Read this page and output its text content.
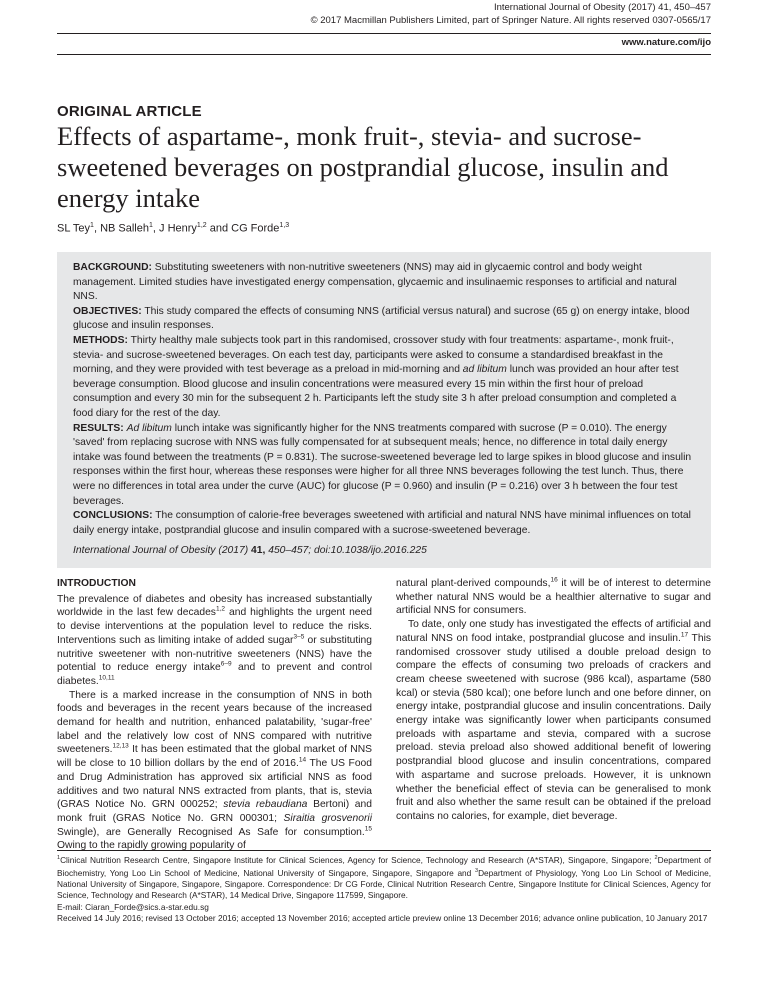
International Journal of Obesity (2017) 41, 450–457
© 2017 Macmillan Publishers Limited, part of Springer Nature. All rights reserved 0307-0565/17
www.nature.com/ijo
ORIGINAL ARTICLE
Effects of aspartame-, monk fruit-, stevia- and sucrose-sweetened beverages on postprandial glucose, insulin and energy intake
SL Tey$^1$, NB Salleh$^1$, J Henry$^{1,2}$ and CG Forde$^{1,3}$

BACKGROUND: Substituting sweeteners with non-nutritive sweeteners (NNS) may aid in glycaemic control and body weight management. Limited studies have investigated energy compensation, glycaemic and insulinaemic responses to artificial and natural NNS.

OBJECTIVES: This study compared the effects of consuming NNS (artificial versus natural) and sucrose (65 g) on energy intake, blood glucose and insulin responses.

METHODS: Thirty healthy male subjects took part in this randomised, crossover study with four treatments: aspartame-, monk fruit-, stevia- and sucrose-sweetened beverages. On each test day, participants were asked to consume a standardised breakfast in the morning, and they were provided with test beverage as a preload in mid-morning and ad libitum lunch was provided an hour after test beverage consumption. Blood glucose and insulin concentrations were measured every 15 min within the first hour of preload consumption and every 30 min for the subsequent 2 h. Participants left the study site 3 h after preload consumption and completed a food diary for the rest of the day.

RESULTS: Ad libitum lunch intake was significantly higher for the NNS treatments compared with sucrose (P = 0.010). The energy 'saved' from replacing sucrose with NNS was fully compensated for at subsequent meals; hence, no difference in total daily energy intake was found between the treatments (P = 0.831). The sucrose-sweetened beverage led to large spikes in blood glucose and insulin responses within the first hour, whereas these responses were higher for all three NNS beverages following the test lunch. Thus, there were no differences in total area under the curve (AUC) for glucose (P = 0.960) and insulin (P = 0.216) over 3 h between the four test beverages.

CONCLUSIONS: The consumption of calorie-free beverages sweetened with artificial and natural NNS have minimal influences on total daily energy intake, postprandial glucose and insulin compared with a sucrose-sweetened beverage.

International Journal of Obesity (2017) 41, 450–457; doi:10.1038/ijo.2016.225

INTRODUCTION

The prevalence of diabetes and obesity has increased substantially worldwide in the last few decades$^{1,2}$ and highlights the urgent need to devise interventions at the population level to reduce the risks. Interventions such as limiting intake of added sugar$^{3-5}$ or substituting nutritive sweetener with non-nutritive sweeteners (NNS) have the potential to reduce energy intake$^{6-9}$ and to prevent and control diabetes.$^{10,11}$

There is a marked increase in the consumption of NNS in both foods and beverages in the recent years because of the increased demand for health and nutrition, enhanced palatability, 'sugar-free' label and the relatively low cost of NNS compared with nutritive sweeteners.$^{12,13}$ It has been estimated that the global market of NNS will be close to 10 billion dollars by the end of 2016.14 The US Food and Drug Administration has approved six artificial NNS as food additives and two natural NNS extracted from plants, that is, stevia (GRAS Notice No. GRN 000252; stevia rebaudiana Bertoni) and monk fruit (GRAS Notice No. GRN 000301; Siraitia grosvenorii Swingle), are Generally Recognised As Safe for consumption.$^{15}$ Owing to the rapidly growing popularity of

natural plant-derived compounds,$^{16}$ it will be of interest to determine whether natural NNS would be a healthier alternative to sugar and artificial NNS for consumers.

To date, only one study has investigated the effects of artificial and natural NNS on food intake, postprandial glucose and insulin.$^{17}$ This randomised crossover study utilised a double preload design to compare the effects of consuming two preloads of crackers and cream cheese sweetened with sucrose (986 kcal), aspartame (580 kcal) or stevia (580 kcal); one before lunch and one before dinner, on energy intake, postprandial glucose and insulin concentrations. Daily energy intake was significantly lower when participants consumed preloads with aspartame and stevia, compared with a sucrose preload. stevia preload also showed additional benefit of lowering postprandial blood glucose and insulin concentrations, compared with aspartame and sucrose preloads. However, it is unknown whether the beneficial effect of stevia can be generalised to monk fruit and also whether the same result can be obtained if the preload contains no calories, for example, diet beverage.

$^1$Clinical Nutrition Research Centre, Singapore Institute for Clinical Sciences, Agency for Science, Technology and Research (A*STAR), Singapore, Singapore; $^2$Department of Biochemistry, Yong Loo Lin School of Medicine, National University of Singapore, Singapore, Singapore and $^3$Department of Physiology, Yong Loo Lin School of Medicine, National University of Singapore, Singapore, Singapore. Correspondence: Dr CG Forde, Clinical Nutrition Research Centre, Singapore Institute for Clinical Sciences, Agency for Science, Technology and Research (A*STAR), 14 Medical Drive, Singapore 117599, Singapore.

E-mail: Ciaran_Forde@sics.a-star.edu.sg

Received 14 July 2016; revised 13 October 2016; accepted 13 November 2016; accepted article preview online 13 December 2016; advance online publication, 10 January 2017
